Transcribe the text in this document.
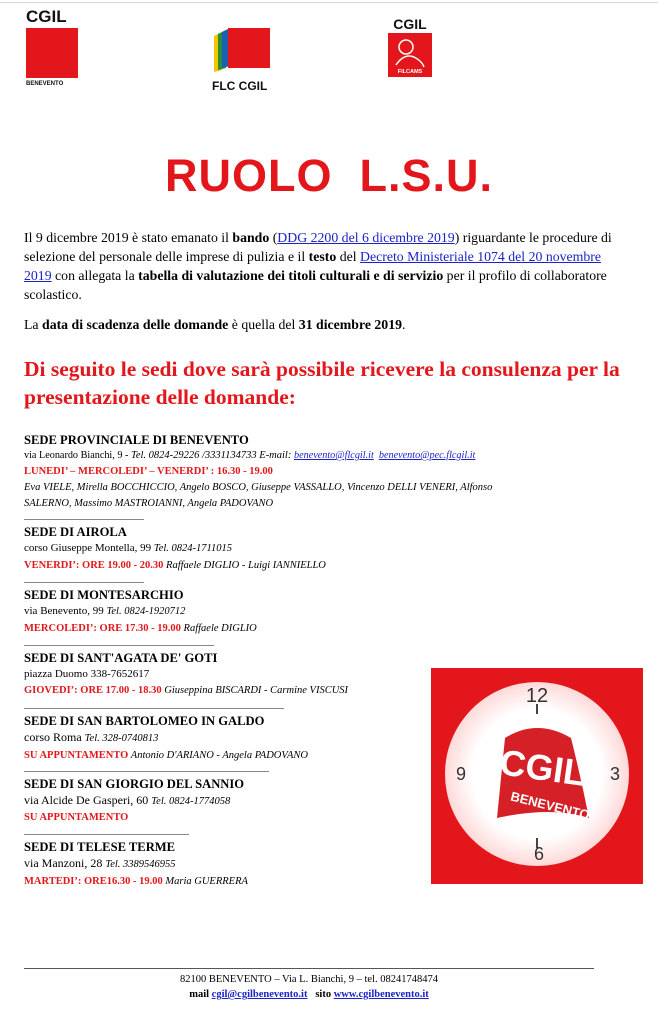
CGIL
BENEVENTO	FLC CGIL
CGIL
FILCAMS
RUOLO  L.S.U.
Il 9 dicembre 2019 è stato emanato il bando (DDG 2200 del 6 dicembre 2019) riguardante le procedure di selezione del personale delle imprese di pulizia e il testo del Decreto Ministeriale 1074 del 20 novembre 2019 con allegata la tabella di valutazione dei titoli culturali e di servizio per il profilo di collaboratore scolastico.
La data di scadenza delle domande è quella del 31 dicembre 2019.
Di seguito le sedi dove sarà possibile ricevere la consulenza per la presentazione delle domande:
SEDE PROVINCIALE DI BENEVENTO
via Leonardo Bianchi, 9 - Tel. 0824-29226 /3331134733 E-mail: benevento@flcgil.it benevento@pec.flcgil.it
LUNEDI’ – MERCOLEDI’ – VENERDI’ : 16.30 - 19.00
Eva VIELE, Mirella BOCCHICCIO, Angelo BOSCO, Giuseppe VASSALLO, Vincenzo DELLI VENERI, Alfonso SALERNO, Massimo MASTROIANNI, Angela PADOVANO
SEDE DI AIROLA
corso Giuseppe Montella, 99 Tel. 0824-1711015
VENERDI’: ORE 19.00 - 20.30 Raffaele DIGLIO - Luigi IANNIELLO
SEDE DI MONTESARCHIO
via Benevento, 99 Tel. 0824-1920712
MERCOLEDI’: ORE 17.30 - 19.00 Raffaele DIGLIO
SEDE DI SANT'AGATA DE' GOTI
piazza Duomo 338-7652617
GIOVEDI’: ORE 17.00 - 18.30 Giuseppina BISCARDI - Carmine VISCUSI
SEDE DI SAN BARTOLOMEO IN GALDO
corso Roma Tel. 328-0740813
SU APPUNTAMENTO Antonio D'ARIANO - Angela PADOVANO
SEDE DI SAN GIORGIO DEL SANNIO
via Alcide De Gasperi, 60 Tel. 0824-1774058
SU APPUNTAMENTO
SEDE DI TELESE TERME
via Manzoni, 28 Tel. 3389546955
MARTEDI’: ORE16.30 - 19.00 Maria GUERRERA
12
3
6
9 CGIL
BENEVENTO
82100 BENEVENTO – Via L. Bianchi, 9 – tel. 08241748474
mail cgil@cgilbenevento.it   sito www.cgilbenevento.it
